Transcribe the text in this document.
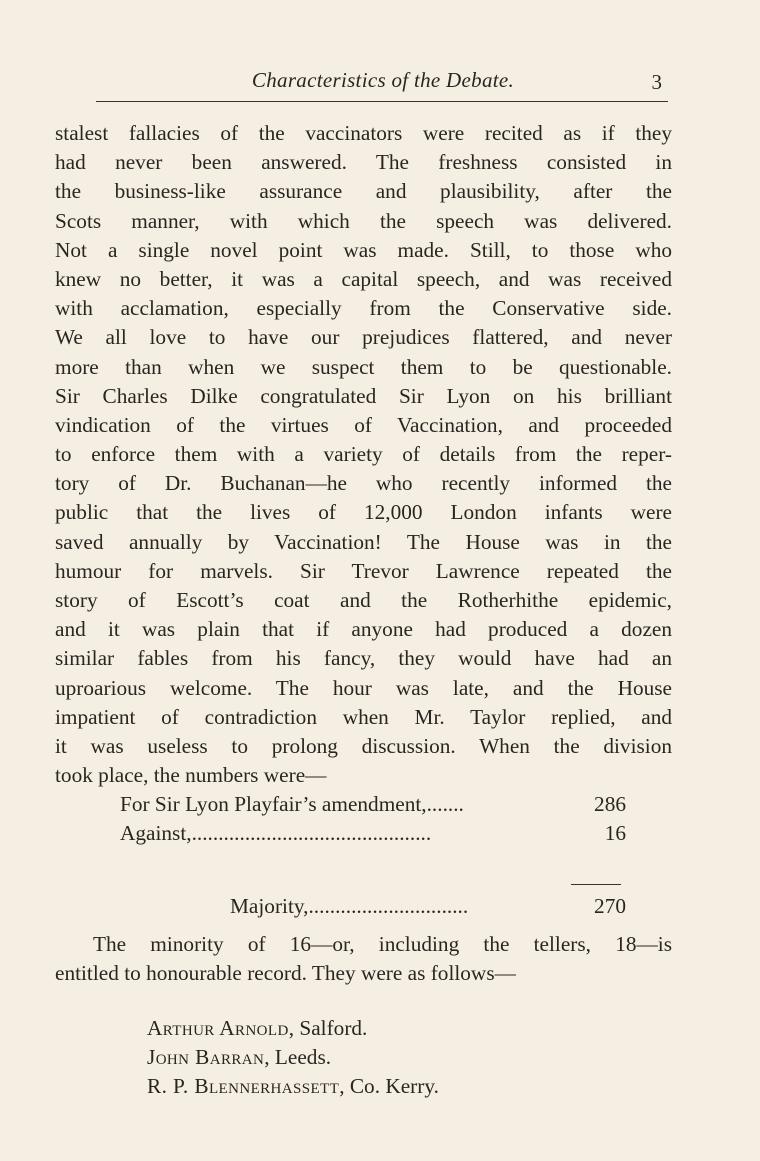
Characteristics of the Debate.	3
stalest fallacies of the vaccinators were recited as if they
had never been answered. The freshness consisted in
the business-like assurance and plausibility, after the
Scots manner, with which the speech was delivered.
Not a single novel point was made. Still, to those who
knew no better, it was a capital speech, and was received
with acclamation, especially from the Conservative side.
We all love to have our prejudices flattered, and never
more than when we suspect them to be questionable.
Sir Charles Dilke congratulated Sir Lyon on his brilliant
vindication of the virtues of Vaccination, and proceeded
to enforce them with a variety of details from the reper-
tory of Dr. Buchanan—he who recently informed the
public that the lives of 12,000 London infants were
saved annually by Vaccination! The House was in the
humour for marvels. Sir Trevor Lawrence repeated the
story of Escott’s coat and the Rotherhithe epidemic,
and it was plain that if anyone had produced a dozen
similar fables from his fancy, they would have had an
uproarious welcome. The hour was late, and the House
impatient of contradiction when Mr. Taylor replied, and
it was useless to prolong discussion. When the division
took place, the numbers were—
For Sir Lyon Playfair’s amendment,.......	286
Against,.............................................	16
Majority,..............................	270
The minority of 16—or, including the tellers, 18—is
entitled to honourable record. They were as follows—
Arthur Arnold, Salford.
John Barran, Leeds.
R. P. Blennerhassett, Co. Kerry.
